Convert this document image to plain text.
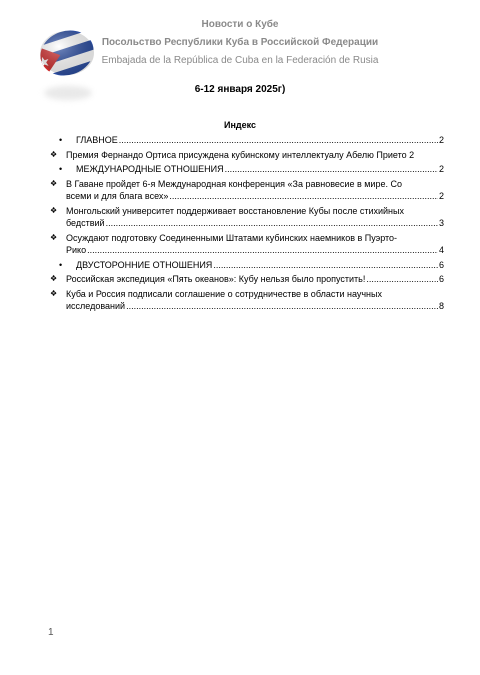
Новости о Кубе
Посольство Республики Куба в Российской Федерации
Embajada de la República de Cuba en la Federación de Rusia
6-12 января 2025г)
Индекс
• ГЛАВНОЕ .....	2
❖ Премия Фернандо Ортиса присуждена кубинскому интеллектуалу Абелю Прието 2
• МЕЖДУНАРОДНЫЕ ОТНОШЕНИЯ .....	2
❖ В Гаване пройдет 6-я Международная конференция «За равновесие в мире. Со
всеми и для блага всех» .....	2
❖ Монгольский университет поддерживает восстановление Кубы после стихийных
бедствий .....	3
❖ Осуждают подготовку Соединенными Штатами кубинских наемников в Пуэрто-
Рико .....	4
• ДВУСТОРОННИЕ ОТНОШЕНИЯ .....	6
❖ Российская экспедиция «Пять океанов»: Кубу нельзя было пропустить! .....	6
❖ Куба и Россия подписали соглашение о сотрудничестве в области научных
исследований .....	8
1
